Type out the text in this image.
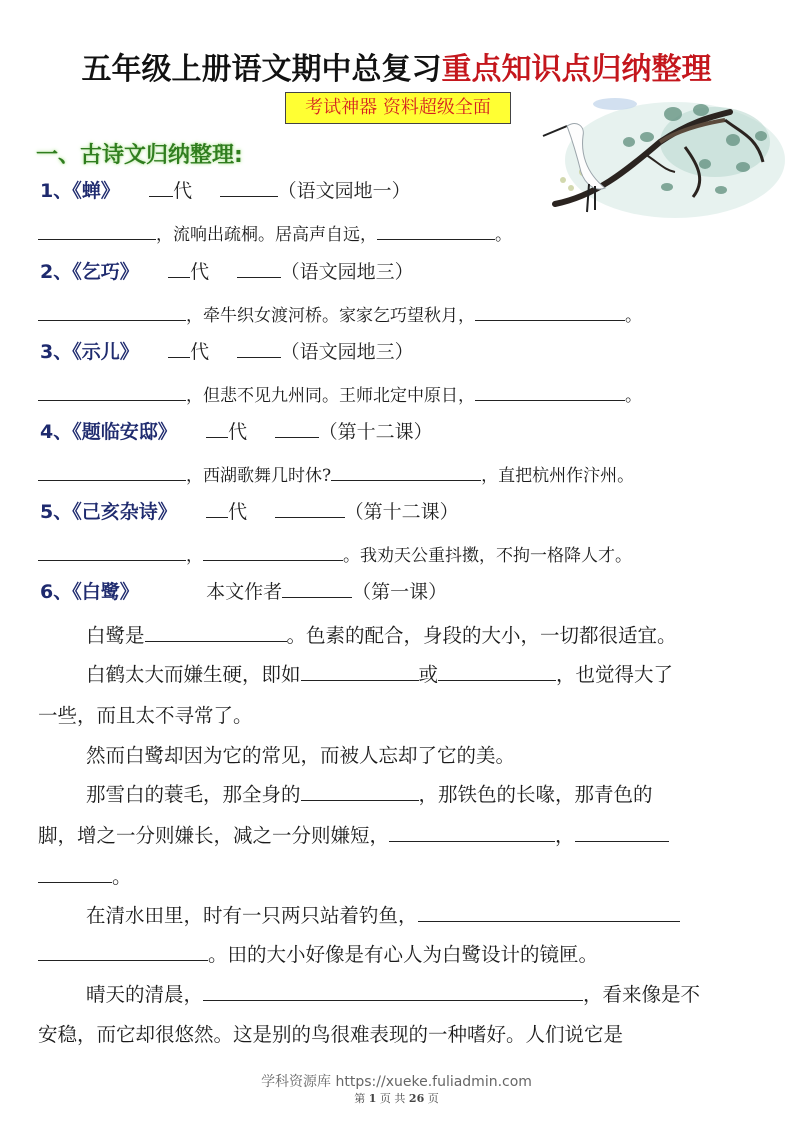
五年级上册语文期中总复习重点知识点归纳整理
考试神器 资料超级全面
一、古诗文归纳整理:
1、《蝉》	代	（语文园地一）
，流响出疏桐。居高声自远，	。
2、《乞巧》	代	（语文园地三）
，牵牛织女渡河桥。家家乞巧望秋月，	。
3、《示儿》	代	（语文园地三）
，但悲不见九州同。王师北定中原日，	。
4、《题临安邸》	代	（第十二课）
，西湖歌舞几时休?	，直把杭州作汴州。
5、《己亥杂诗》	代	（第十二课）
，	。我劝天公重抖擞，不拘一格降人才。
6、《白鹭》	本文作者	（第一课）
白鹭是	。色素的配合，身段的大小，一切都很适宜。
白鹤太大而嫌生硬，即如	或	，也觉得大了
一些，而且太不寻常了。
然而白鹭却因为它的常见，而被人忘却了它的美。
那雪白的蓑毛，那全身的	，那铁色的长喙，那青色的
脚，增之一分则嫌长，减之一分则嫌短，	，
。
在清水田里，时有一只两只站着钓鱼，
。田的大小好像是有心人为白鹭设计的镜匣。
晴天的清晨，	，看来像是不
安稳，而它却很悠然。这是别的鸟很难表现的一种嗜好。人们说它是
学科资源库 https://xueke.fuliadmin.com
第 1 页 共 26 页
